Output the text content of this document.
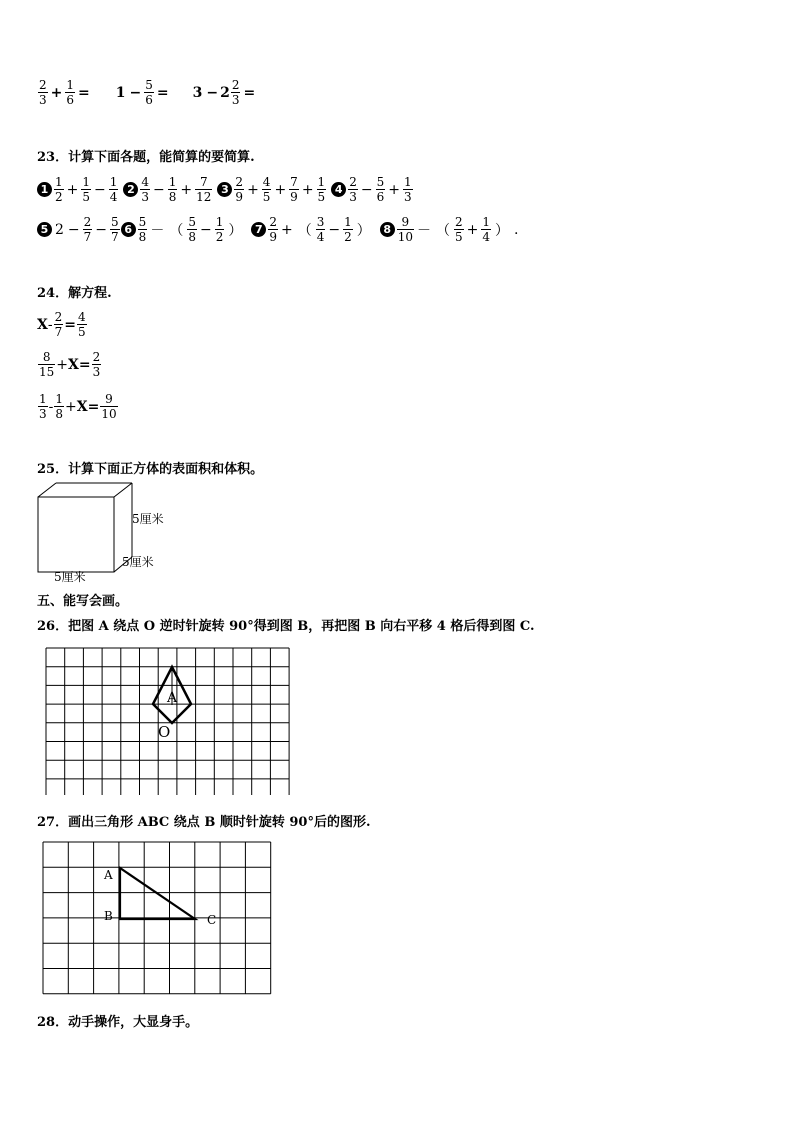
2
$3 + \frac{1}{6} = 1 - \frac{5}{6} = 3 - 2 \frac{2}{3}$ =
23．计算下面各题，能简算的要简算.
1
1
$2 + \frac{1}{5} - \frac{1}{4} 2$
4
$3 - \frac{1}{8} + \frac{7}{12} 3$
2
$9 + \frac{4}{5} + \frac{7}{9} + \frac{1}{5} 4$
2
$3 - \frac{5}{6} + \frac{1}{3}$
5 $2 - \frac{2}{7} - \frac{5}{7} 6$
5
8 － （
5
$8 - \frac{1}{2}$ ）	7
2
9 + （
3
$4 - \frac{1}{2}$ ）	8
9
10 － （
2
$5 + \frac{1}{4}$ ） .
24．解方程.
$X - \frac{2}{7} = \frac{4}{5}$
8
$15 + X = \frac{2}{3}$
1
3 - 1
$8 + X = \frac{9}{10}$
25．计算下面正方体的表面积和体积。
5厘米
5厘米
5厘米
五、能写会画。
26．把图 A 绕点 O 逆时针旋转 90°得到图 B，再把图 B 向右平移 4 格后得到图 C.
A
O
27．画出三角形 ABC 绕点 B 顺时针旋转 90°后的图形.
A
B	C
28．动手操作，大显身手。
